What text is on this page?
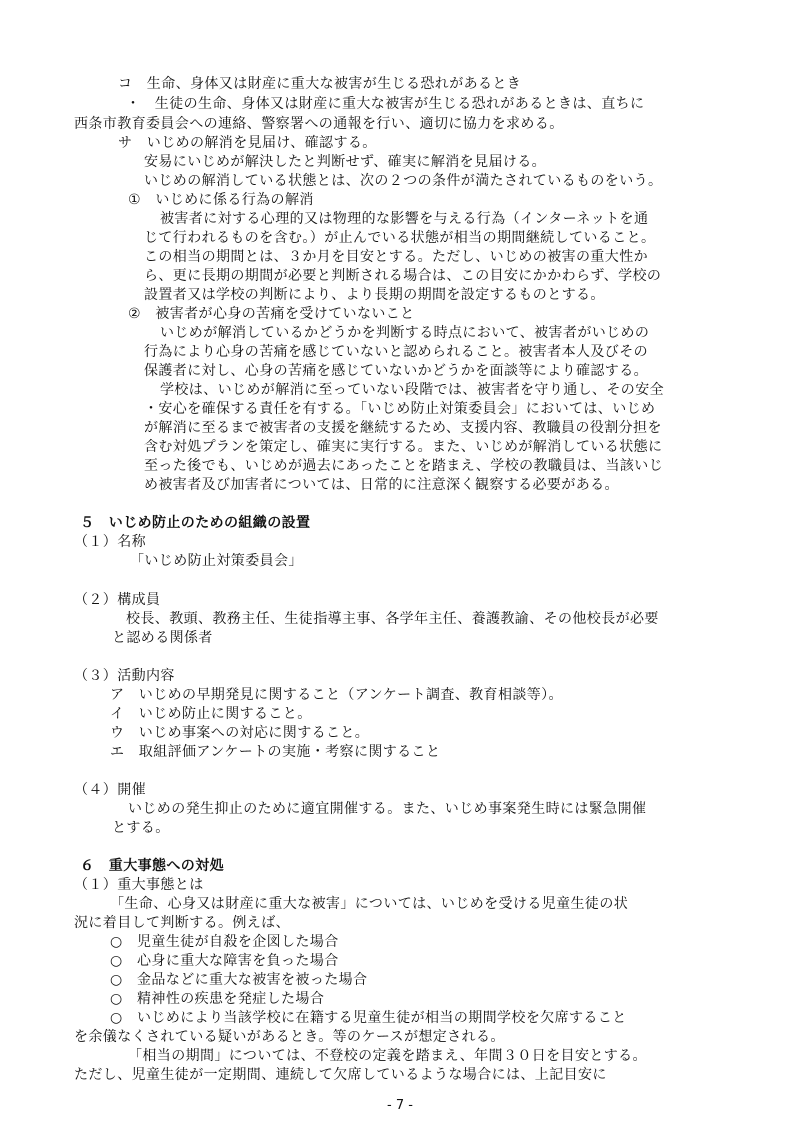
コ　生命、身体又は財産に重大な被害が生じる恐れがあるとき
・　生徒の生命、身体又は財産に重大な被害が生じる恐れがあるときは、直ちに
西条市教育委員会への連絡、警察署への通報を行い、適切に協力を求める。
サ　いじめの解消を見届け、確認する。
安易にいじめが解決したと判断せず、確実に解消を見届ける。
いじめの解消している状態とは、次の２つの条件が満たされているものをいう。
①　いじめに係る行為の解消
被害者に対する心理的又は物理的な影響を与える行為（インターネットを通
じて行われるものを含む。）が止んでいる状態が相当の期間継続していること。
この相当の期間とは、３か月を目安とする。ただし、いじめの被害の重大性か
ら、更に長期の期間が必要と判断される場合は、この目安にかかわらず、学校の
設置者又は学校の判断により、より長期の期間を設定するものとする。
②　被害者が心身の苦痛を受けていないこと
いじめが解消しているかどうかを判断する時点において、被害者がいじめの
行為により心身の苦痛を感じていないと認められること。被害者本人及びその
保護者に対し、心身の苦痛を感じていないかどうかを面談等により確認する。
学校は、いじめが解消に至っていない段階では、被害者を守り通し、その安全
・安心を確保する責任を有する。「いじめ防止対策委員会」においては、いじめ
が解消に至るまで被害者の支援を継続するため、支援内容、教職員の役割分担を
含む対処プランを策定し、確実に実行する。また、いじめが解消している状態に
至った後でも、いじめが過去にあったことを踏まえ、学校の教職員は、当該いじ
め被害者及び加害者については、日常的に注意深く観察する必要がある。
５　いじめ防止のための組織の設置
（１）名称
「いじめ防止対策委員会」
（２）構成員
校長、教頭、教務主任、生徒指導主事、各学年主任、養護教諭、その他校長が必要
と認める関係者
（３）活動内容
ア　いじめの早期発見に関すること（アンケート調査、教育相談等）。
イ　いじめ防止に関すること。
ウ　いじめ事案への対応に関すること。
エ　取組評価アンケートの実施・考察に関すること
（４）開催
いじめの発生抑止のために適宜開催する。また、いじめ事案発生時には緊急開催
とする。
６　重大事態への対処
（１）重大事態とは
「生命、心身又は財産に重大な被害」については、いじめを受ける児童生徒の状
況に着目して判断する。例えば、
○　児童生徒が自殺を企図した場合
○　心身に重大な障害を負った場合
○　金品などに重大な被害を被った場合
○　精神性の疾患を発症した場合
○　いじめにより当該学校に在籍する児童生徒が相当の期間学校を欠席すること
を余儀なくされている疑いがあるとき。等のケースが想定される。
「相当の期間」については、不登校の定義を踏まえ、年間３０日を目安とする。
ただし、児童生徒が一定期間、連続して欠席しているような場合には、上記目安に
- 7 -
